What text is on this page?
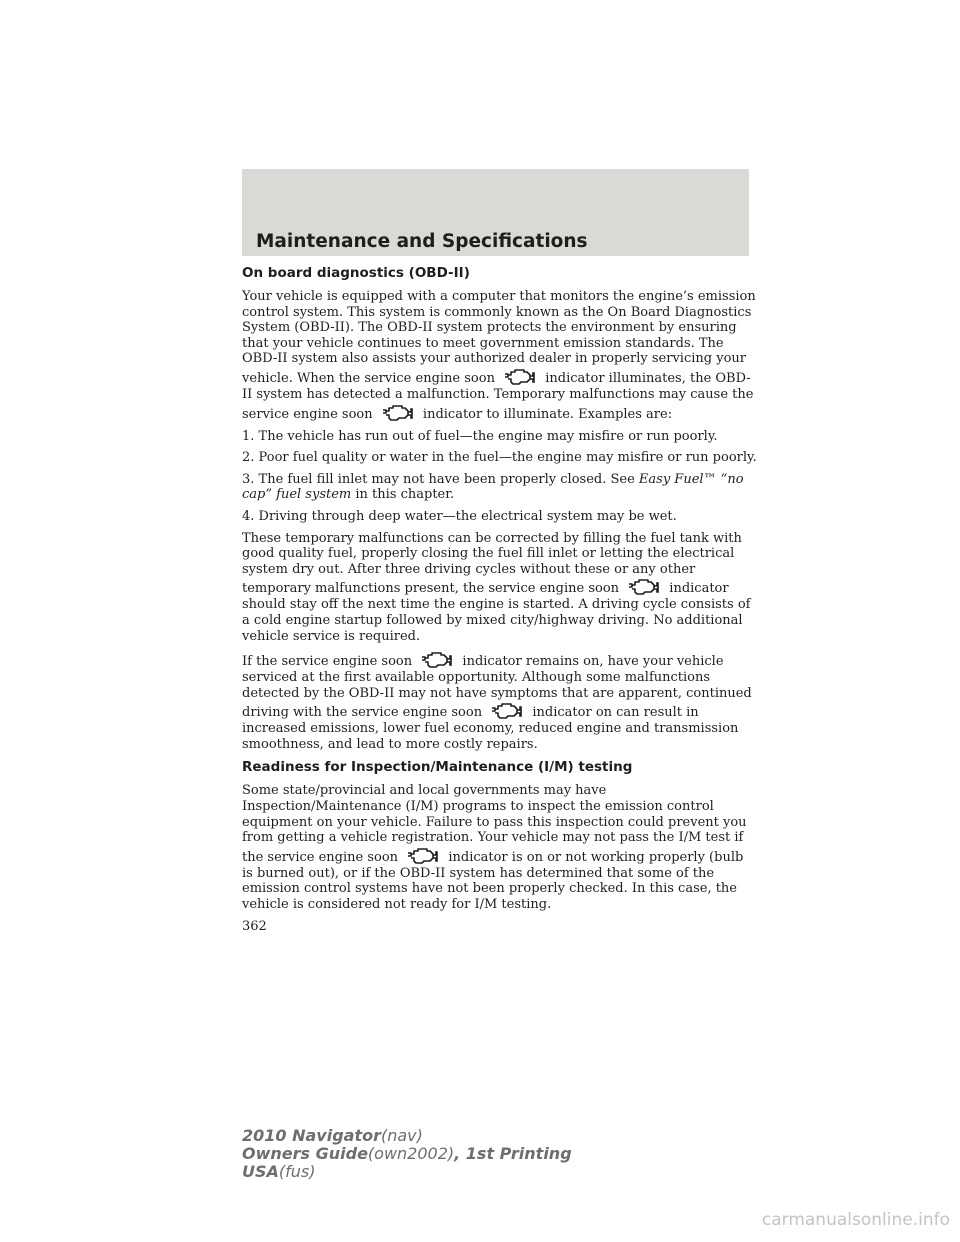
Maintenance and Specifications
On board diagnostics (OBD-II)

Your vehicle is equipped with a computer that monitors the engine’s emission control system. This system is commonly known as the On Board Diagnostics System (OBD-II). The OBD-II system protects the environment by ensuring that your vehicle continues to meet government emission standards. The OBD-II system also assists your authorized dealer in properly servicing your vehicle. When the service engine soon	indicator illuminates, the OBD-II system has detected a malfunction. Temporary malfunctions may cause the service engine soon	indicator to illuminate. Examples are:

1. The vehicle has run out of fuel—the engine may misfire or run poorly.

2. Poor fuel quality or water in the fuel—the engine may misfire or run poorly.

3. The fuel fill inlet may not have been properly closed. See Easy Fuel™ “no cap” fuel system in this chapter.

4. Driving through deep water—the electrical system may be wet.

These temporary malfunctions can be corrected by filling the fuel tank with good quality fuel, properly closing the fuel fill inlet or letting the electrical system dry out. After three driving cycles without these or any other temporary malfunctions present, the service engine soon	indicator should stay off the next time the engine is started. A driving cycle consists of a cold engine startup followed by mixed city/highway driving. No additional vehicle service is required.

If the service engine soon	indicator remains on, have your vehicle serviced at the first available opportunity. Although some malfunctions detected by the OBD-II may not have symptoms that are apparent, continued driving with the service engine soon	indicator on can result in increased emissions, lower fuel economy, reduced engine and transmission smoothness, and lead to more costly repairs.

Readiness for Inspection/Maintenance (I/M) testing

Some state/provincial and local governments may have Inspection/Maintenance (I/M) programs to inspect the emission control equipment on your vehicle. Failure to pass this inspection could prevent you from getting a vehicle registration. Your vehicle may not pass the I/M test if the service engine soon	indicator is on or not working properly (bulb is burned out), or if the OBD-II system has determined that some of the emission control systems have not been properly checked. In this case, the vehicle is considered not ready for I/M testing.

362
2010 Navigator(nav)
Owners Guide(own2002), 1st Printing
USA(fus)
carmanualsonline.info
